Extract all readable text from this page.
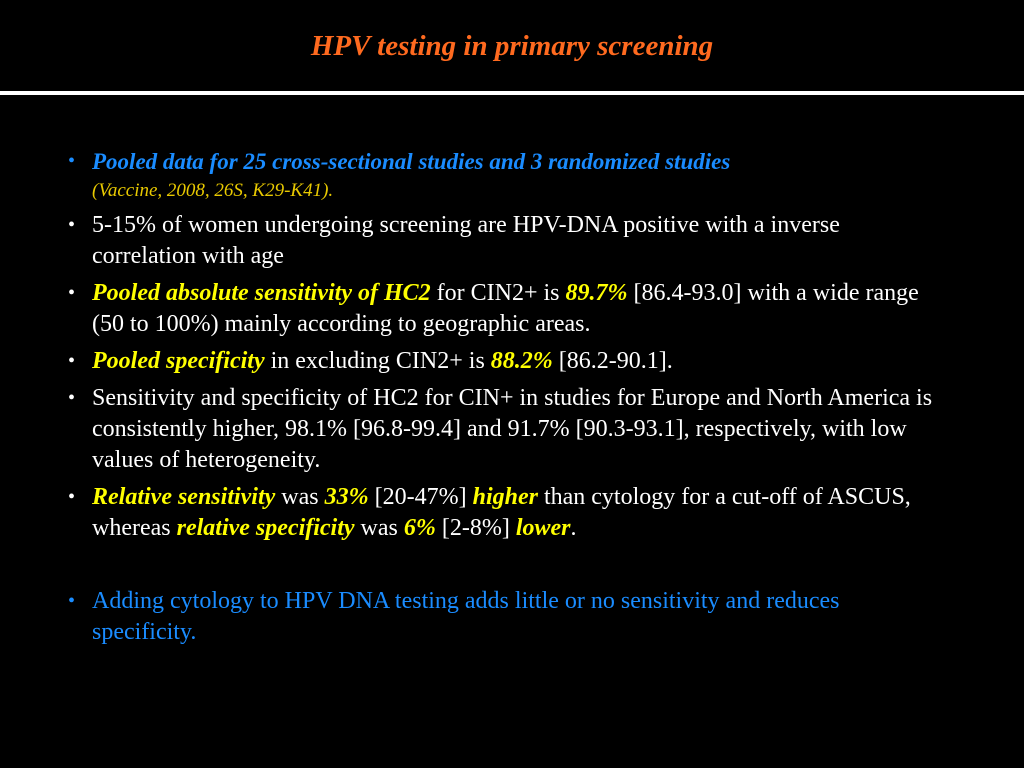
HPV testing in primary screening
• Pooled data for 25 cross-sectional studies and 3 randomized studies
(Vaccine, 2008, 26S, K29-K41).
• 5-15% of women undergoing screening are HPV-DNA positive with a inverse correlation with age
• Pooled absolute sensitivity of HC2 for CIN2+ is 89.7% [86.4-93.0] with a wide range (50 to 100%) mainly according to geographic areas.
• Pooled specificity in excluding CIN2+ is 88.2% [86.2-90.1].
• Sensitivity and specificity of HC2 for CIN+ in studies for Europe and North America is consistently higher, 98.1% [96.8-99.4] and 91.7% [90.3-93.1], respectively, with low values of heterogeneity.
• Relative sensitivity was 33% [20-47%] higher than cytology for a cut-off of ASCUS, whereas relative specificity was 6% [2-8%] lower.
• Adding cytology to HPV DNA testing adds little or no sensitivity and reduces specificity.
